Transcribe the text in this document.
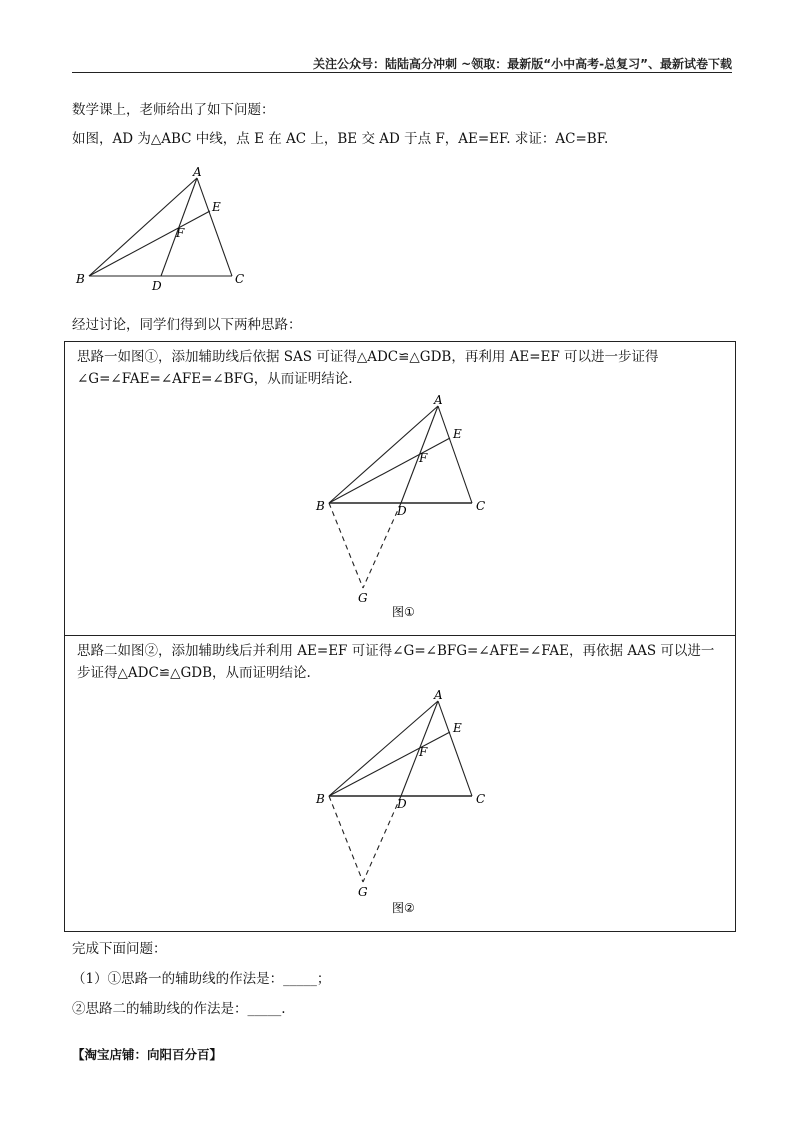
关注公众号：陆陆高分冲刺 ~领取：最新版“小中高考-总复习”、最新试卷下载
数学课上，老师给出了如下问题：
如图，AD 为△ABC 中线，点 E 在 AC 上，BE 交 AD 于点 F，AE=EF. 求证：AC=BF.
A
B	C
D
E
F
经过讨论，同学们得到以下两种思路：
思路一如图①，添加辅助线后依据 SAS 可证得△ADC≌△GDB，再利用 AE=EF 可以进一步证得∠G=∠FAE=∠AFE=∠BFG，从而证明结论.
A
B	C
D
E
F
G
图①
思路二如图②，添加辅助线后并利用 AE=EF 可证得∠G=∠BFG=∠AFE=∠FAE，再依据 AAS 可以进一步证得△ADC≌△GDB，从而证明结论.
A
B	C
D
E
F
G
图②
完成下面问题：
（1）①思路一的辅助线的作法是：_____；
②思路二的辅助线的作法是：_____.
【淘宝店铺：向阳百分百】
